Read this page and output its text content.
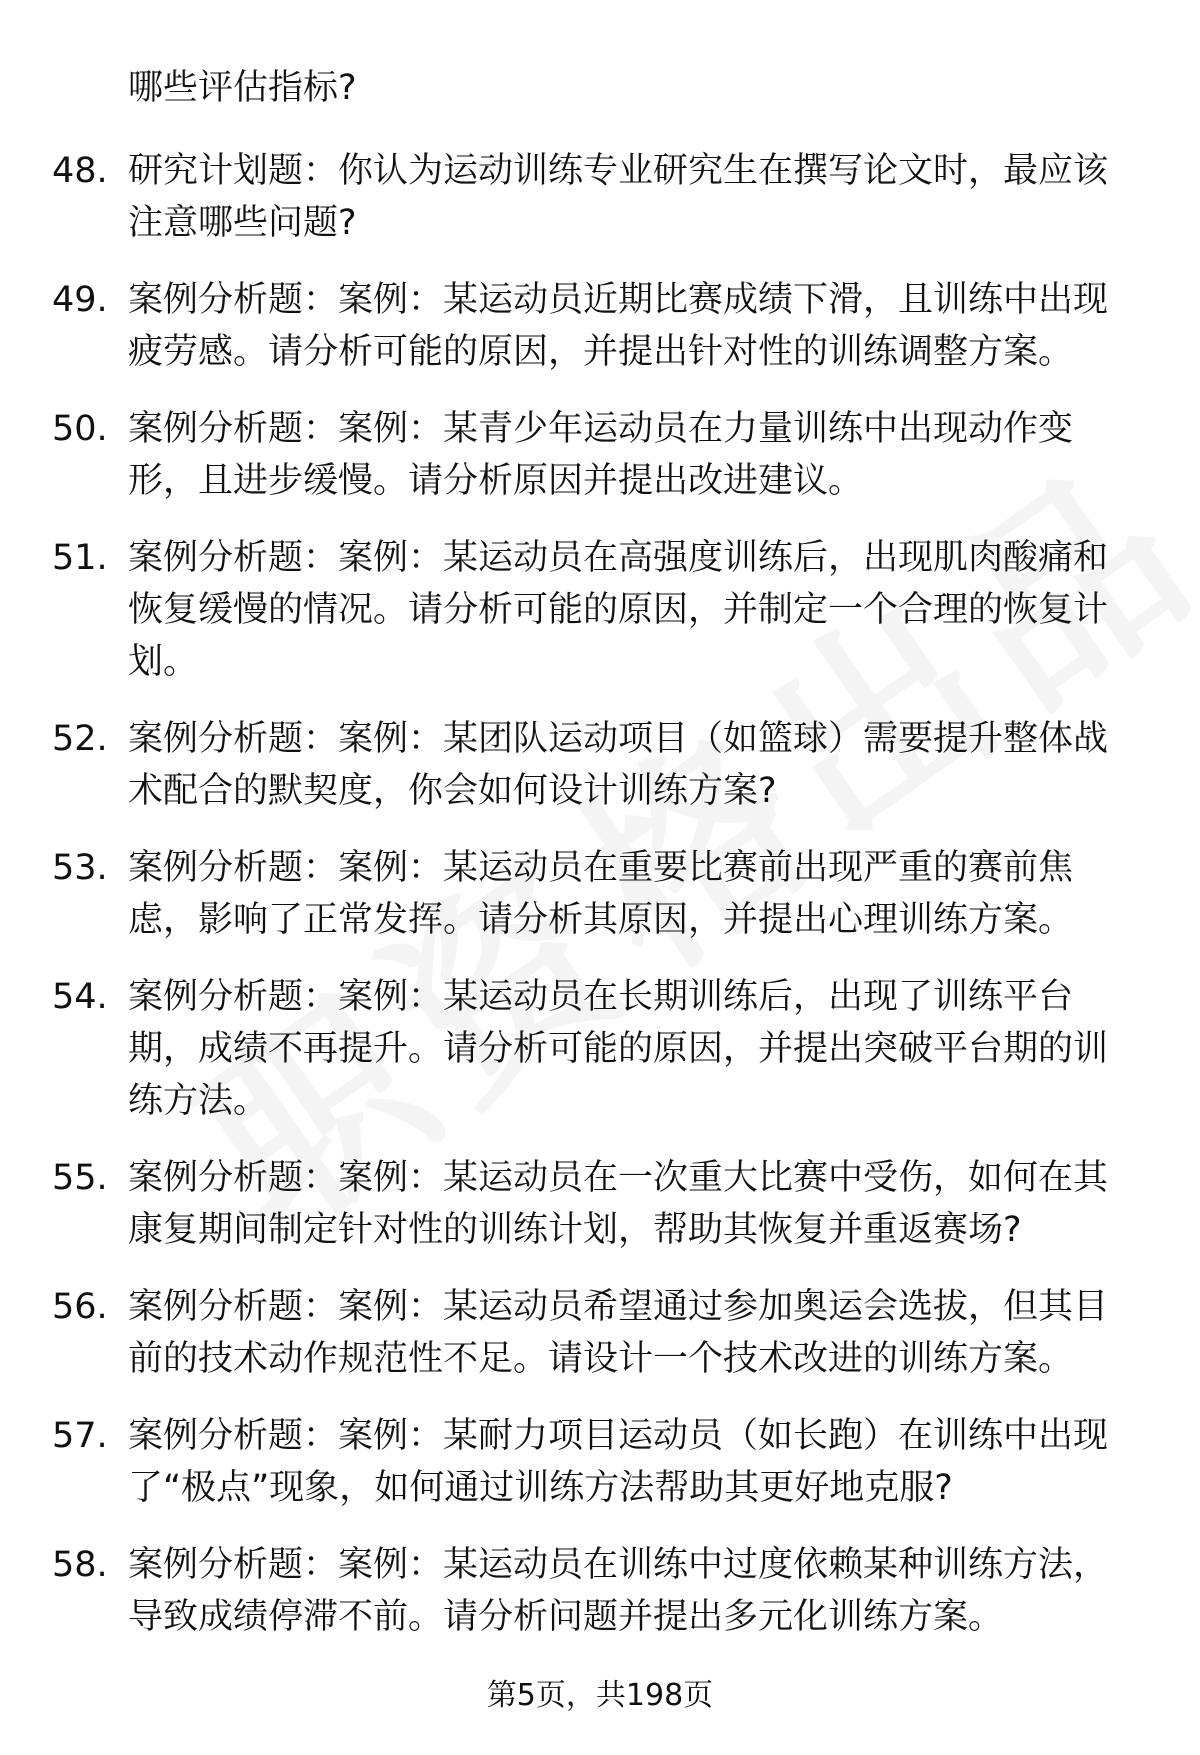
哪些评估指标?
48. 研究计划题：你认为运动训练专业研究生在撰写论文时，最应该注意哪些问题?
49. 案例分析题：案例：某运动员近期比赛成绩下滑，且训练中出现疲劳感。请分析可能的原因，并提出针对性的训练调整方案。
50. 案例分析题：案例：某青少年运动员在力量训练中出现动作变形，且进步缓慢。请分析原因并提出改进建议。
51. 案例分析题：案例：某运动员在高强度训练后，出现肌肉酸痛和恢复缓慢的情况。请分析可能的原因，并制定一个合理的恢复计划。
52. 案例分析题：案例：某团队运动项目（如篮球）需要提升整体战术配合的默契度，你会如何设计训练方案?
53. 案例分析题：案例：某运动员在重要比赛前出现严重的赛前焦虑，影响了正常发挥。请分析其原因，并提出心理训练方案。
54. 案例分析题：案例：某运动员在长期训练后，出现了训练平台期，成绩不再提升。请分析可能的原因，并提出突破平台期的训练方法。
55. 案例分析题：案例：某运动员在一次重大比赛中受伤，如何在其康复期间制定针对性的训练计划，帮助其恢复并重返赛场?
56. 案例分析题：案例：某运动员希望通过参加奥运会选拔，但其目前的技术动作规范性不足。请设计一个技术改进的训练方案。
57. 案例分析题：案例：某耐力项目运动员（如长跑）在训练中出现了“极点”现象，如何通过训练方法帮助其更好地克服?
58. 案例分析题：案例：某运动员在训练中过度依赖某种训练方法，导致成绩停滞不前。请分析问题并提出多元化训练方案。
第5页，共198页
